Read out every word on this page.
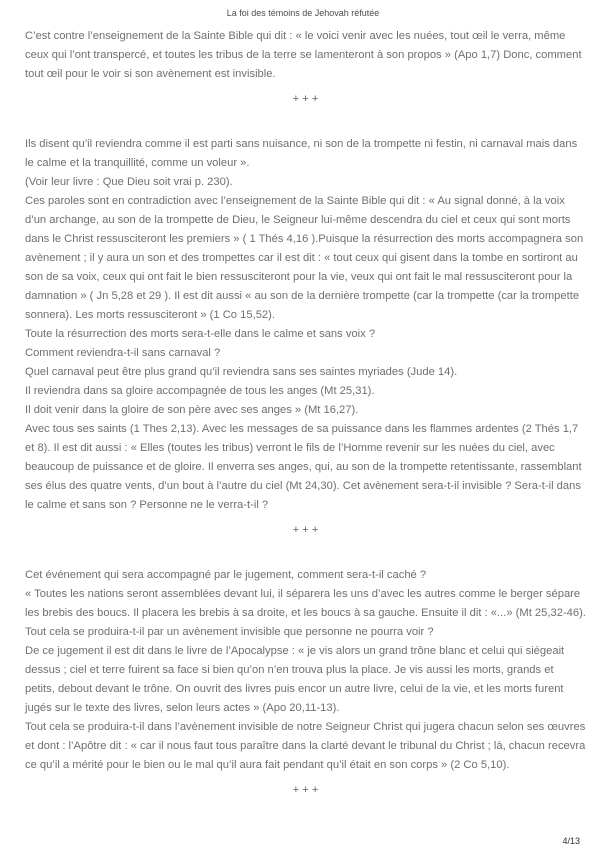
La foi des témoins de Jehovah réfutée

C’est contre l’enseignement de la Sainte Bible qui dit : « le voici venir avec les nuées, tout œil le verra, même ceux qui l’ont transpercé, et toutes les tribus de la terre se lamenteront à son propos » (Apo 1,7) Donc, comment tout œil pour le voir si son avènement est invisible.

+ + +

Ils disent qu’il reviendra comme il est parti sans nuisance, ni son de la trompette ni festin, ni carnaval mais dans le calme et la tranquillité, comme un voleur ».

(Voir leur livre : Que Dieu soit vrai p. 230).

Ces paroles sont en contradiction avec l’enseignement de la Sainte Bible qui dit : « Au signal donné, à la voix d’un archange, au son de la trompette de Dieu, le Seigneur lui-même descendra du ciel et ceux qui sont morts dans le Christ ressusciteront les premiers » ( 1 Thés 4,16 ).Puisque la résurrection des morts accompagnera son avènement ; il y aura un son et des trompettes car il est dit : « tout ceux qui gisent dans la tombe en sortiront au son de sa voix, ceux qui ont fait le bien ressusciteront pour la vie, veux qui ont fait le mal ressusciteront pour la damnation » ( Jn 5,28 et 29 ). Il est dit aussi « au son de la dernière trompette (car la trompette (car la trompette sonnera). Les morts ressusciteront » (1 Co 15,52).

Toute la résurrection des morts sera-t-elle dans le calme et sans voix ?

Comment reviendra-t-il sans carnaval ?

Quel carnaval peut être plus grand qu’il reviendra sans ses saintes myriades (Jude 14).

Il reviendra dans sa gloire accompagnée de tous les anges (Mt 25,31).

Il doit venir dans la gloire de son père avec ses anges » (Mt 16,27).

Avec tous ses saints (1 Thes 2,13). Avec les messages de sa puissance dans les flammes ardentes (2 Thés 1,7 et 8). Il est dit aussi : « Elles (toutes les tribus) verront le fils de l’Homme revenir sur les nuées du ciel, avec beaucoup de puissance et de gloire. Il enverra ses anges, qui, au son de la trompette retentissante, rassemblant ses élus des quatre vents, d’un bout à l’autre du ciel (Mt 24,30). Cet avènement sera-t-il invisible ? Sera-t-il dans le calme et sans son ? Personne ne le verra-t-il ?

+ + +

Cet événement qui sera accompagné par le jugement, comment sera-t-il caché ?

« Toutes les nations seront assemblées devant lui, il séparera les uns d’avec les autres comme le berger sépare les brebis des boucs. Il placera les brebis à sa droite, et les boucs à sa gauche. Ensuite il dit : «...» (Mt 25,32-46).

Tout cela se produira-t-il par un avènement invisible que personne ne pourra voir ?

De ce jugement il est dit dans le livre de l’Apocalypse : « je vis alors un grand trône blanc et celui qui siégeait dessus ; ciel et terre fuirent sa face si bien qu’on n’en trouva plus la place. Je vis aussi les morts, grands et petits, debout devant le trône. On ouvrit des livres puis encor un autre livre, celui de la vie, et les morts furent jugés sur le texte des livres, selon leurs actes » (Apo 20,11-13).

Tout cela se produira-t-il dans l’avènement invisible de notre Seigneur Christ qui jugera chacun selon ses œuvres et dont : l’Apôtre dit : « car il nous faut tous paraître dans la clarté devant le tribunal du Christ ; là, chacun recevra ce qu’il a mérité pour le bien ou le mal qu’il aura fait pendant qu’il était en son corps » (2 Co 5,10).

+ + +

4/13
